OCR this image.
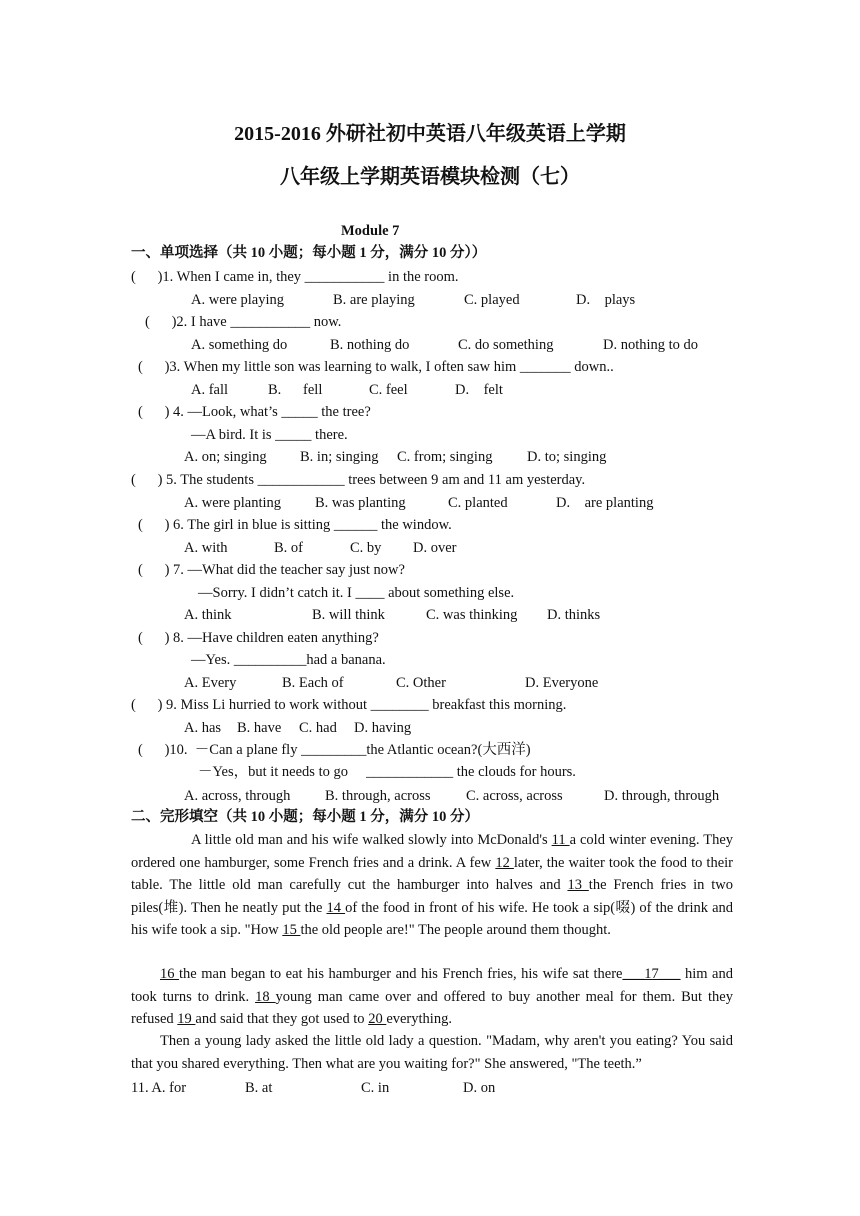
2015-2016 外研社初中英语八年级英语上学期
八年级上学期英语模块检测（七）
Module 7
一、单项选择（共 10 小题；每小题 1 分，满分 10 分））
(      )1. When I came in, they ___________ in the room.
A. were playing	B. are playing	C. played	D.    plays
(      )2. I have ___________ now.
A. something do	B. nothing do	C. do something	D. nothing to do
(      )3. When my little son was learning to walk, I often saw him _______ down..
A. fall	B.      fell	C. feel	D.    felt
(      ) 4. —Look, what’s _____ the tree?
—A bird. It is _____ there.
A. on; singing B. in; singing C. from; singing D. to; singing
(      ) 5. The students ____________ trees between 9 am and 11 am yesterday.
A. were planting B. was planting	C. planted	D.    are planting
(      ) 6. The girl in blue is sitting ______ the window.
A. with	B. of	C. by D. over
(      ) 7. —What did the teacher say just now?
—Sorry. I didn’t catch it. I ____ about something else.
A. think	B. will think	C. was thinking D. thinks
(      ) 8. —Have children eaten anything?
—Yes. __________had a banana.
A. Every	B. Each of	C. Other	D. Everyone
(      ) 9. Miss Li hurried to work without ________ breakfast this morning.
A. has B. have C. had D. having
(      )10.  －Can a plane fly _________the Atlantic ocean?(大西洋)
－Yes，but it needs to go     ____________ the clouds for hours.
A. across, through B. through, across C. across, across	D. through, through
二、完形填空（共 10 小题；每小题 1 分，满分 10 分）
A little old man and his wife walked slowly into McDonald's 11 a cold winter evening. They ordered one hamburger, some French fries and a drink. A few 12 later, the waiter took the food to their table. The little old man carefully cut the hamburger into halves and 13 the French fries in two piles(堆). Then he neatly put the 14 of the food in front of his wife. He took a sip(啜) of the drink and his wife took a sip. "How 15 the old people are!" The people around them thought.
16 the man began to eat his hamburger and his French fries, his wife sat there___17___ him and took turns to drink. 18 young man came over and offered to buy another meal for them. But they refused 19 and said that they got used to 20 everything.
Then a young lady asked the little old lady a question. "Madam, why aren't you eating? You said that you shared everything. Then what are you waiting for?" She answered, "The teeth.”
11. A. for	B. at	C. in	D. on
